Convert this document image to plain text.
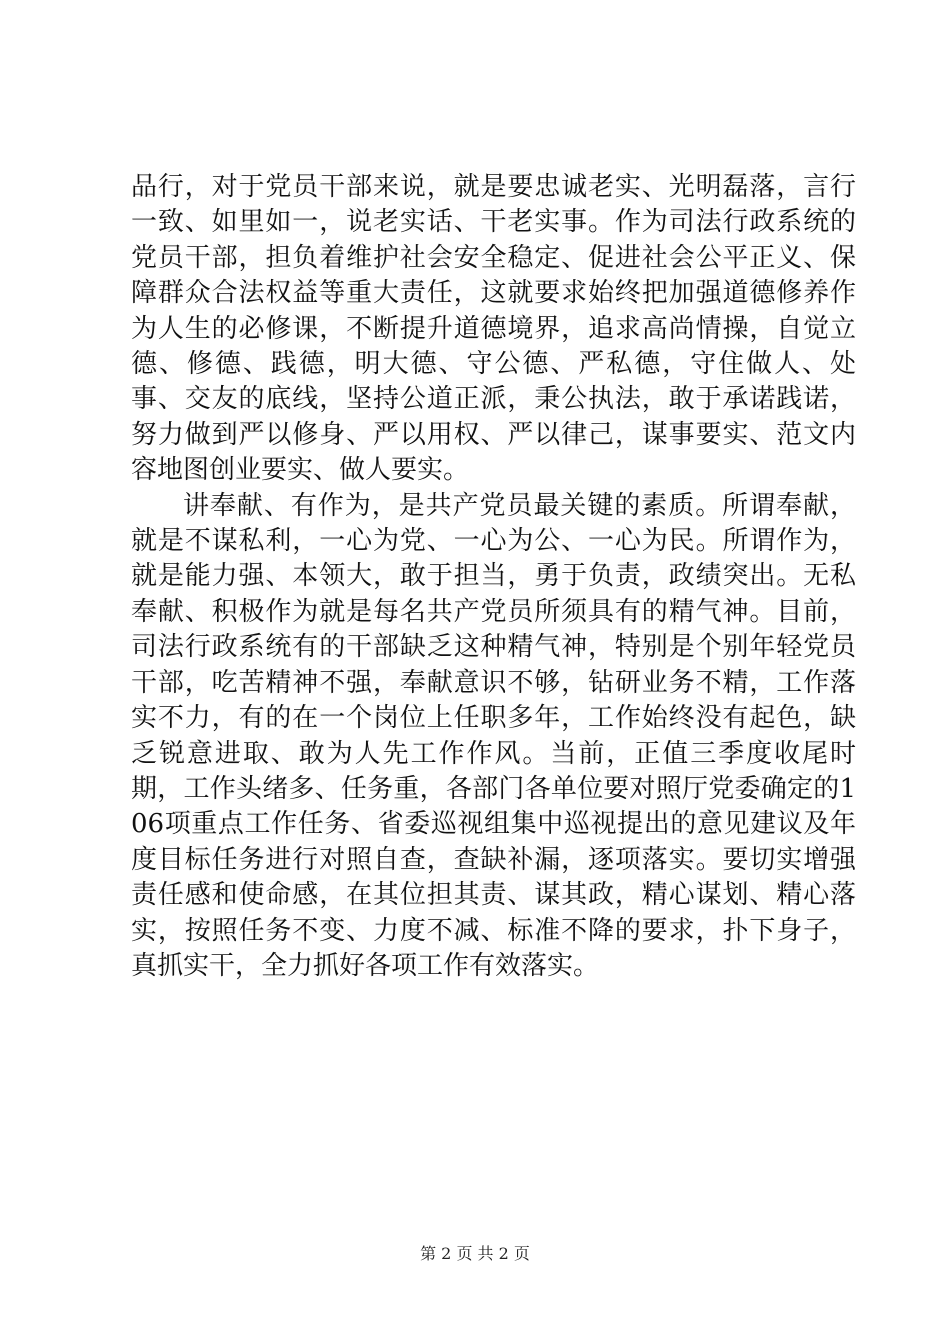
品行，对于党员干部来说，就是要忠诚老实、光明磊落，言行一致、如里如一，说老实话、干老实事。作为司法行政系统的党员干部，担负着维护社会安全稳定、促进社会公平正义、保障群众合法权益等重大责任，这就要求始终把加强道德修养作为人生的必修课，不断提升道德境界，追求高尚情操，自觉立德、修德、践德，明大德、守公德、严私德，守住做人、处事、交友的底线，坚持公道正派，秉公执法，敢于承诺践诺，努力做到严以修身、严以用权、严以律己，谋事要实、范文内容地图创业要实、做人要实。

讲奉献、有作为，是共产党员最关键的素质。所谓奉献，就是不谋私利，一心为党、一心为公、一心为民。所谓作为，就是能力强、本领大，敢于担当，勇于负责，政绩突出。无私奉献、积极作为就是每名共产党员所须具有的精气神。目前，司法行政系统有的干部缺乏这种精气神，特别是个别年轻党员干部，吃苦精神不强，奉献意识不够，钻研业务不精，工作落实不力，有的在一个岗位上任职多年，工作始终没有起色，缺乏锐意进取、敢为人先工作作风。当前，正值三季度收尾时期，工作头绪多、任务重，各部门各单位要对照厅党委确定的106项重点工作任务、省委巡视组集中巡视提出的意见建议及年度目标任务进行对照自查，查缺补漏，逐项落实。要切实增强责任感和使命感，在其位担其责、谋其政，精心谋划、精心落实，按照任务不变、力度不减、标准不降的要求，扑下身子，真抓实干，全力抓好各项工作有效落实。

第 2 页 共 2 页
